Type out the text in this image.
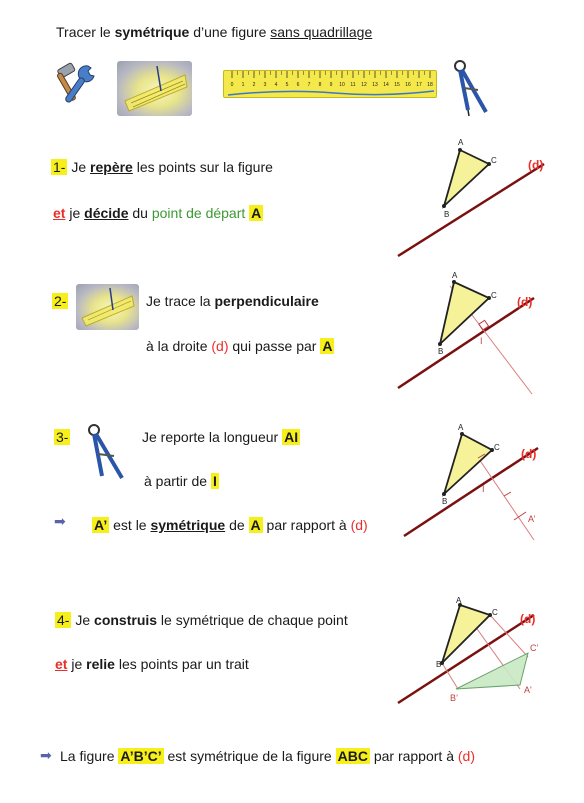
Tracer le symétrique d’une figure sans quadrillage
0 1 2 3 4 5 6 7 8 9 10 11 12 13 14 15 16 17 18
1- Je repère les points sur la figure
et je décide du point de départ A
A
C
B
(d)
2-	Je trace la perpendiculaire
à la droite (d) qui passe par A
A
C
B
I
(d)
3-	Je reporte la longueur AI
à partir de I
➡ A’ est le symétrique de A par rapport à (d)
A
C
B
I
A’
(d)
4- Je construis le symétrique de chaque point
et je relie les points par un trait
A
C
B
A'
C’
B’
(d)
➡ La figure A’B’C’ est symétrique de la figure ABC par rapport à (d)
